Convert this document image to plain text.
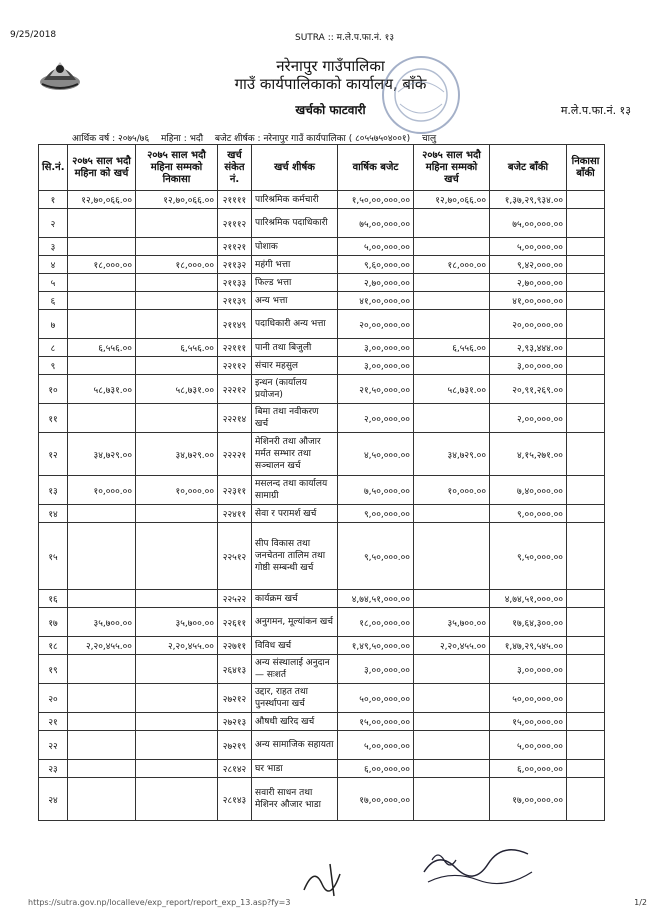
9/25/2018	SUTRA :: म.ले.प.फा.नं. १३
नरेनापुर गाउँपालिका
गाउँ कार्यपालिकाको कार्यालय, बाँके
खर्चको फाटवारी	म.ले.प.फा.नं. १३
आर्थिक वर्ष : २०७५/७६ महिना : भदौ बजेट शीर्षक : नरेनापुर गाउँ कार्यपालिका ( ८०५५७५०४००१) चालु
सि.नं.	२०७५ साल भदौ महिना को खर्च	२०७५ साल भदौ महिना सम्मको निकासा	खर्च संकेत नं.	खर्च शीर्षक	वार्षिक बजेट	२०७५ साल भदौ महिना सम्मको खर्च	बजेट बाँकी	निकासा बाँकी
१	१२,७०,०६६.००	१२,७०,०६६.००	२११११	पारिश्रमिक कर्मचारी	१,५०,००,०००.००	१२,७०,०६६.००	१,३७,२९,९३४.००	
२			२१११२	पारिश्रमिक पदाधिकारी	७५,००,०००.००		७५,००,०००.००	
३			२११२१	पोशाक	५,००,०००.००		५,००,०००.००	
४	१८,०००.००	१८,०००.००	२११३२	महंगी भत्ता	९,६०,०००.००	१८,०००.००	९,४२,०००.००	
५			२११३३	फिल्ड भत्ता	२,७०,०००.००		२,७०,०००.००	
६			२११३९	अन्य भत्ता	४१,००,०००.००		४१,००,०००.००	
७			२११४९	पदाधिकारी अन्य भत्ता	२०,००,०००.००		२०,००,०००.००	
८	६,५५६.००	६,५५६.००	२२१११	पानी तथा बिजुली	३,००,०००.००	६,५५६.००	२,९३,४४४.००	
९			२२११२	संचार महसुल	३,००,०००.००		३,००,०००.००	
१०	५८,७३१.००	५८,७३१.००	२२२१२	इन्धन (कार्यालय प्रयोजन)	२१,५०,०००.००	५८,७३१.००	२०,९१,२६९.००	
११			२२२१४	बिमा तथा नवीकरण खर्च	२,००,०००.००		२,००,०००.००	
१२	३४,७२९.००	३४,७२९.००	२२२२१	मेशिनरी तथा औजार मर्मत सम्भार तथा सञ्चालन खर्च	४,५०,०००.००	३४,७२९.००	४,१५,२७१.००	
१३	१०,०००.००	१०,०००.००	२२३११	मसलन्द तथा कार्यालय सामाग्री	७,५०,०००.००	१०,०००.००	७,४०,०००.००	
१४			२२४११	सेवा र परामर्श खर्च	९,००,०००.००		९,००,०००.००	
१५			२२५१२	सीप विकास तथा जनचेतना तालिम तथा गोष्ठी सम्बन्धी खर्च	९,५०,०००.००		९,५०,०००.००	
१६			२२५२२	कार्यक्रम खर्च	४,७४,५१,०००.००		४,७४,५१,०००.००	
१७	३५,७००.००	३५,७००.००	२२६११	अनुगमन, मूल्यांकन खर्च	१८,००,०००.००	३५,७००.००	१७,६४,३००.००	
१८	२,२०,४५५.००	२,२०,४५५.००	२२७११	विविध खर्च	१,४९,५०,०००.००	२,२०,४५५.००	१,४७,२९,५४५.००	
१९			२६४१३	अन्य संस्थालाई अनुदान— सःशर्त	३,००,०००.००		३,००,०००.००	
२०			२७२१२	उद्दार, राहत तथा पुनर्स्थापना खर्च	५०,००,०००.००		५०,००,०००.००	
२१			२७२१३	औषधी खरिद खर्च	१५,००,०००.००		१५,००,०००.००	
२२			२७२१९	अन्य सामाजिक सहायता	५,००,०००.००		५,००,०००.००	
२३			२८१४२	घर भाडा	६,००,०००.००		६,००,०००.००	
२४			२८१४३	सवारी साधन तथा मेशिनर औजार भाडा	१७,००,०००.००		१७,००,०००.००	
https://sutra.gov.np/localleve/exp_report/report_exp_13.asp?fy=3	1/2
